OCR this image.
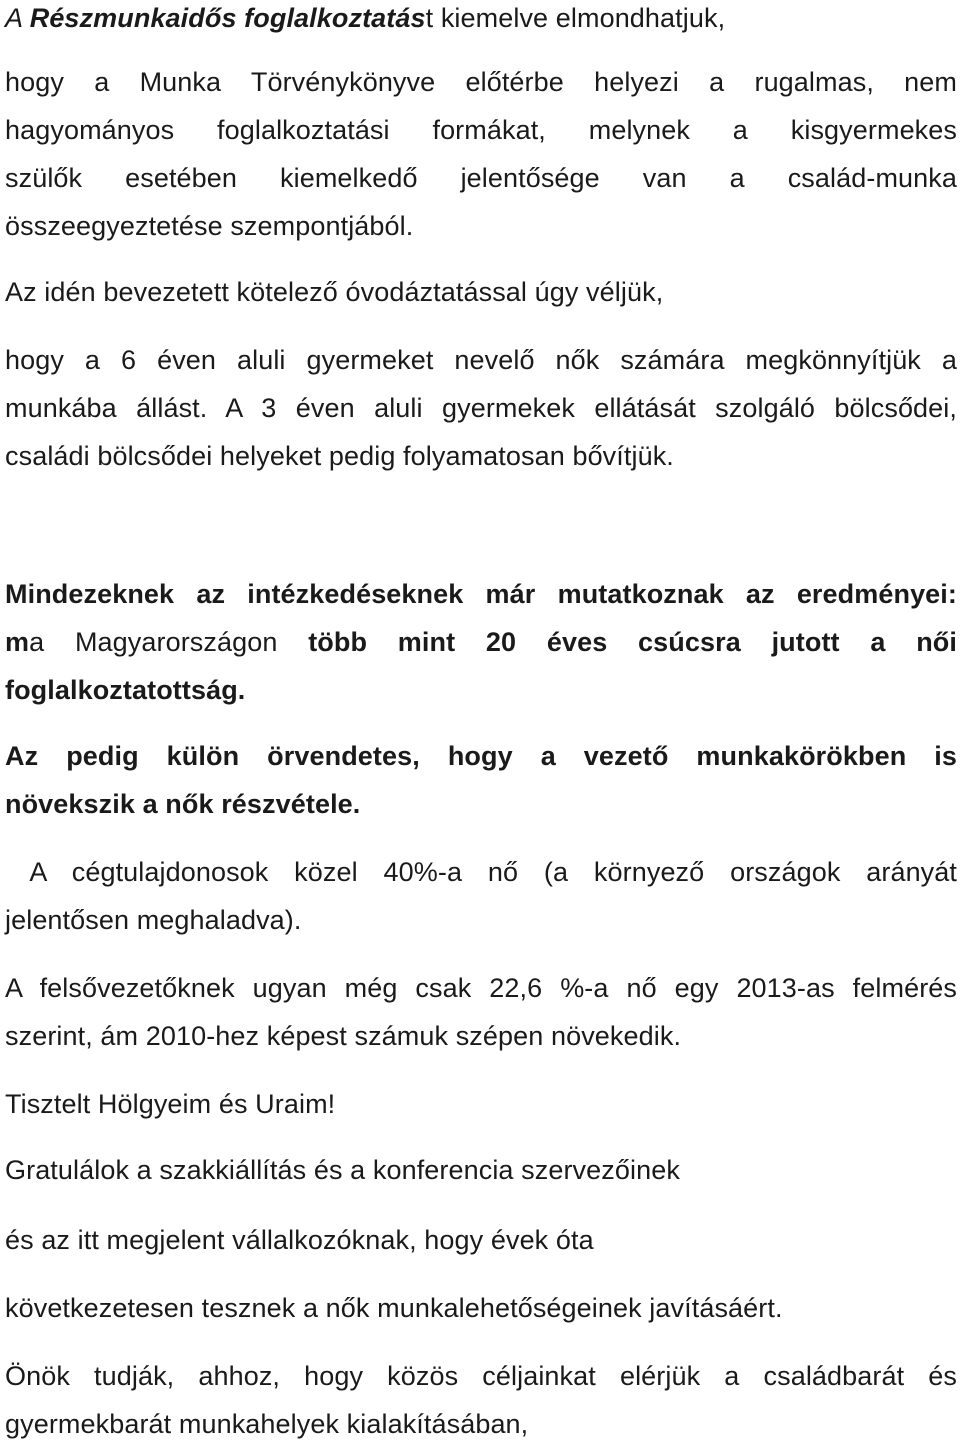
A Részmunkaidős foglalkoztatást kiemelve elmondhatjuk,
hogy a Munka Törvénykönyve előtérbe helyezi a rugalmas, nem
hagyományos foglalkoztatási formákat, melynek a kisgyermekes
szülők esetében kiemelkedő jelentősége van a család-munka
összeegyeztetése szempontjából.
Az idén bevezetett kötelező óvodáztatással úgy véljük,
hogy a 6 éven aluli gyermeket nevelő nők számára megkönnyítjük a
munkába állást. A 3 éven aluli gyermekek ellátását szolgáló bölcsődei,
családi bölcsődei helyeket pedig folyamatosan bővítjük.
Mindezeknek az intézkedéseknek már mutatkoznak az eredményei:
ma Magyarországon több mint 20 éves csúcsra jutott a női
foglalkoztatottság.
Az pedig külön örvendetes, hogy a vezető munkakörökben is
növekszik a nők részvétele.
A cégtulajdonosok közel 40%-a nő (a környező országok arányát
jelentősen meghaladva).
A felsővezetőknek ugyan még csak 22,6 %-a nő egy 2013-as felmérés
szerint, ám 2010-hez képest számuk szépen növekedik.
Tisztelt Hölgyeim és Uraim!
Gratulálok a szakkiállítás és a konferencia szervezőinek
és az itt megjelent vállalkozóknak, hogy évek óta
következetesen tesznek a nők munkalehetőségeinek javításáért.
Önök tudják, ahhoz, hogy közös céljainkat elérjük a családbarát és
gyermekbarát munkahelyek kialakításában,
